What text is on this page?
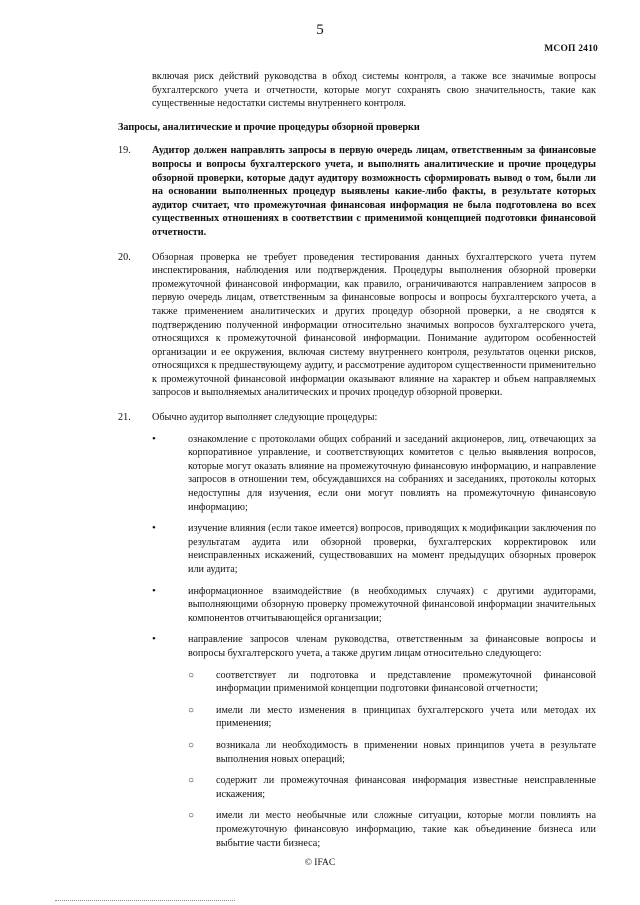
5
МСОП 2410
включая риск действий руководства в обход системы контроля, а также все значимые вопросы бухгалтерского учета и отчетности, которые могут сохранять свою значительность, такие как существенные недостатки системы внутреннего контроля.
Запросы, аналитические и прочие процедуры обзорной проверки
19.	Аудитор должен направлять запросы в первую очередь лицам, ответственным за финансовые вопросы и вопросы бухгалтерского учета, и выполнять аналитические и прочие процедуры обзорной проверки, которые дадут аудитору возможность сформировать вывод о том, были ли на основании выполненных процедур выявлены какие-либо факты, в результате которых аудитор считает, что промежуточная финансовая информация не была подготовлена во всех существенных отношениях в соответствии с применимой концепцией подготовки финансовой отчетности.
20.	Обзорная проверка не требует проведения тестирования данных бухгалтерского учета путем инспектирования, наблюдения или подтверждения. Процедуры выполнения обзорной проверки промежуточной финансовой информации, как правило, ограничиваются направлением запросов в первую очередь лицам, ответственным за финансовые вопросы и вопросы бухгалтерского учета, а также применением аналитических и других процедур обзорной проверки, а не сводятся к подтверждению полученной информации относительно значимых вопросов бухгалтерского учета, относящихся к промежуточной финансовой информации. Понимание аудитором особенностей организации и ее окружения, включая систему внутреннего контроля, результатов оценки рисков, относящихся к предшествующему аудиту, и рассмотрение аудитором существенности применительно к промежуточной финансовой информации оказывают влияние на характер и объем направляемых запросов и выполняемых аналитических и прочих процедур обзорной проверки.
21.	Обычно аудитор выполняет следующие процедуры:
•	ознакомление с протоколами общих собраний и заседаний акционеров, лиц, отвечающих за корпоративное управление, и соответствующих комитетов с целью выявления вопросов, которые могут оказать влияние на промежуточную финансовую информацию, и направление запросов в отношении тем, обсуждавшихся на собраниях и заседаниях, протоколы которых недоступны для изучения, если они могут повлиять на промежуточную финансовую информацию;
•	изучение влияния (если такое имеется) вопросов, приводящих к модификации заключения по результатам аудита или обзорной проверки, бухгалтерских корректировок или неисправленных искажений, существовавших на момент предыдущих обзорных проверок или аудита;
•	информационное взаимодействие (в необходимых случаях) с другими аудиторами, выполняющими обзорную проверку промежуточной финансовой информации значительных компонентов отчитывающейся организации;
•	направление запросов членам руководства, ответственным за финансовые вопросы и вопросы бухгалтерского учета, а также другим лицам относительно следующего:
○	соответствует ли подготовка и представление промежуточной финансовой информации применимой концепции подготовки финансовой отчетности;
○	имели ли место изменения в принципах бухгалтерского учета или методах их применения;
○	возникала ли необходимость в применении новых принципов учета в результате выполнения новых операций;
○	содержит ли промежуточная финансовая информация известные неисправленные искажения;
○	имели ли место необычные или сложные ситуации, которые могли повлиять на промежуточную финансовую информацию, такие как объединение бизнеса или выбытие части бизнеса;
© IFAC
